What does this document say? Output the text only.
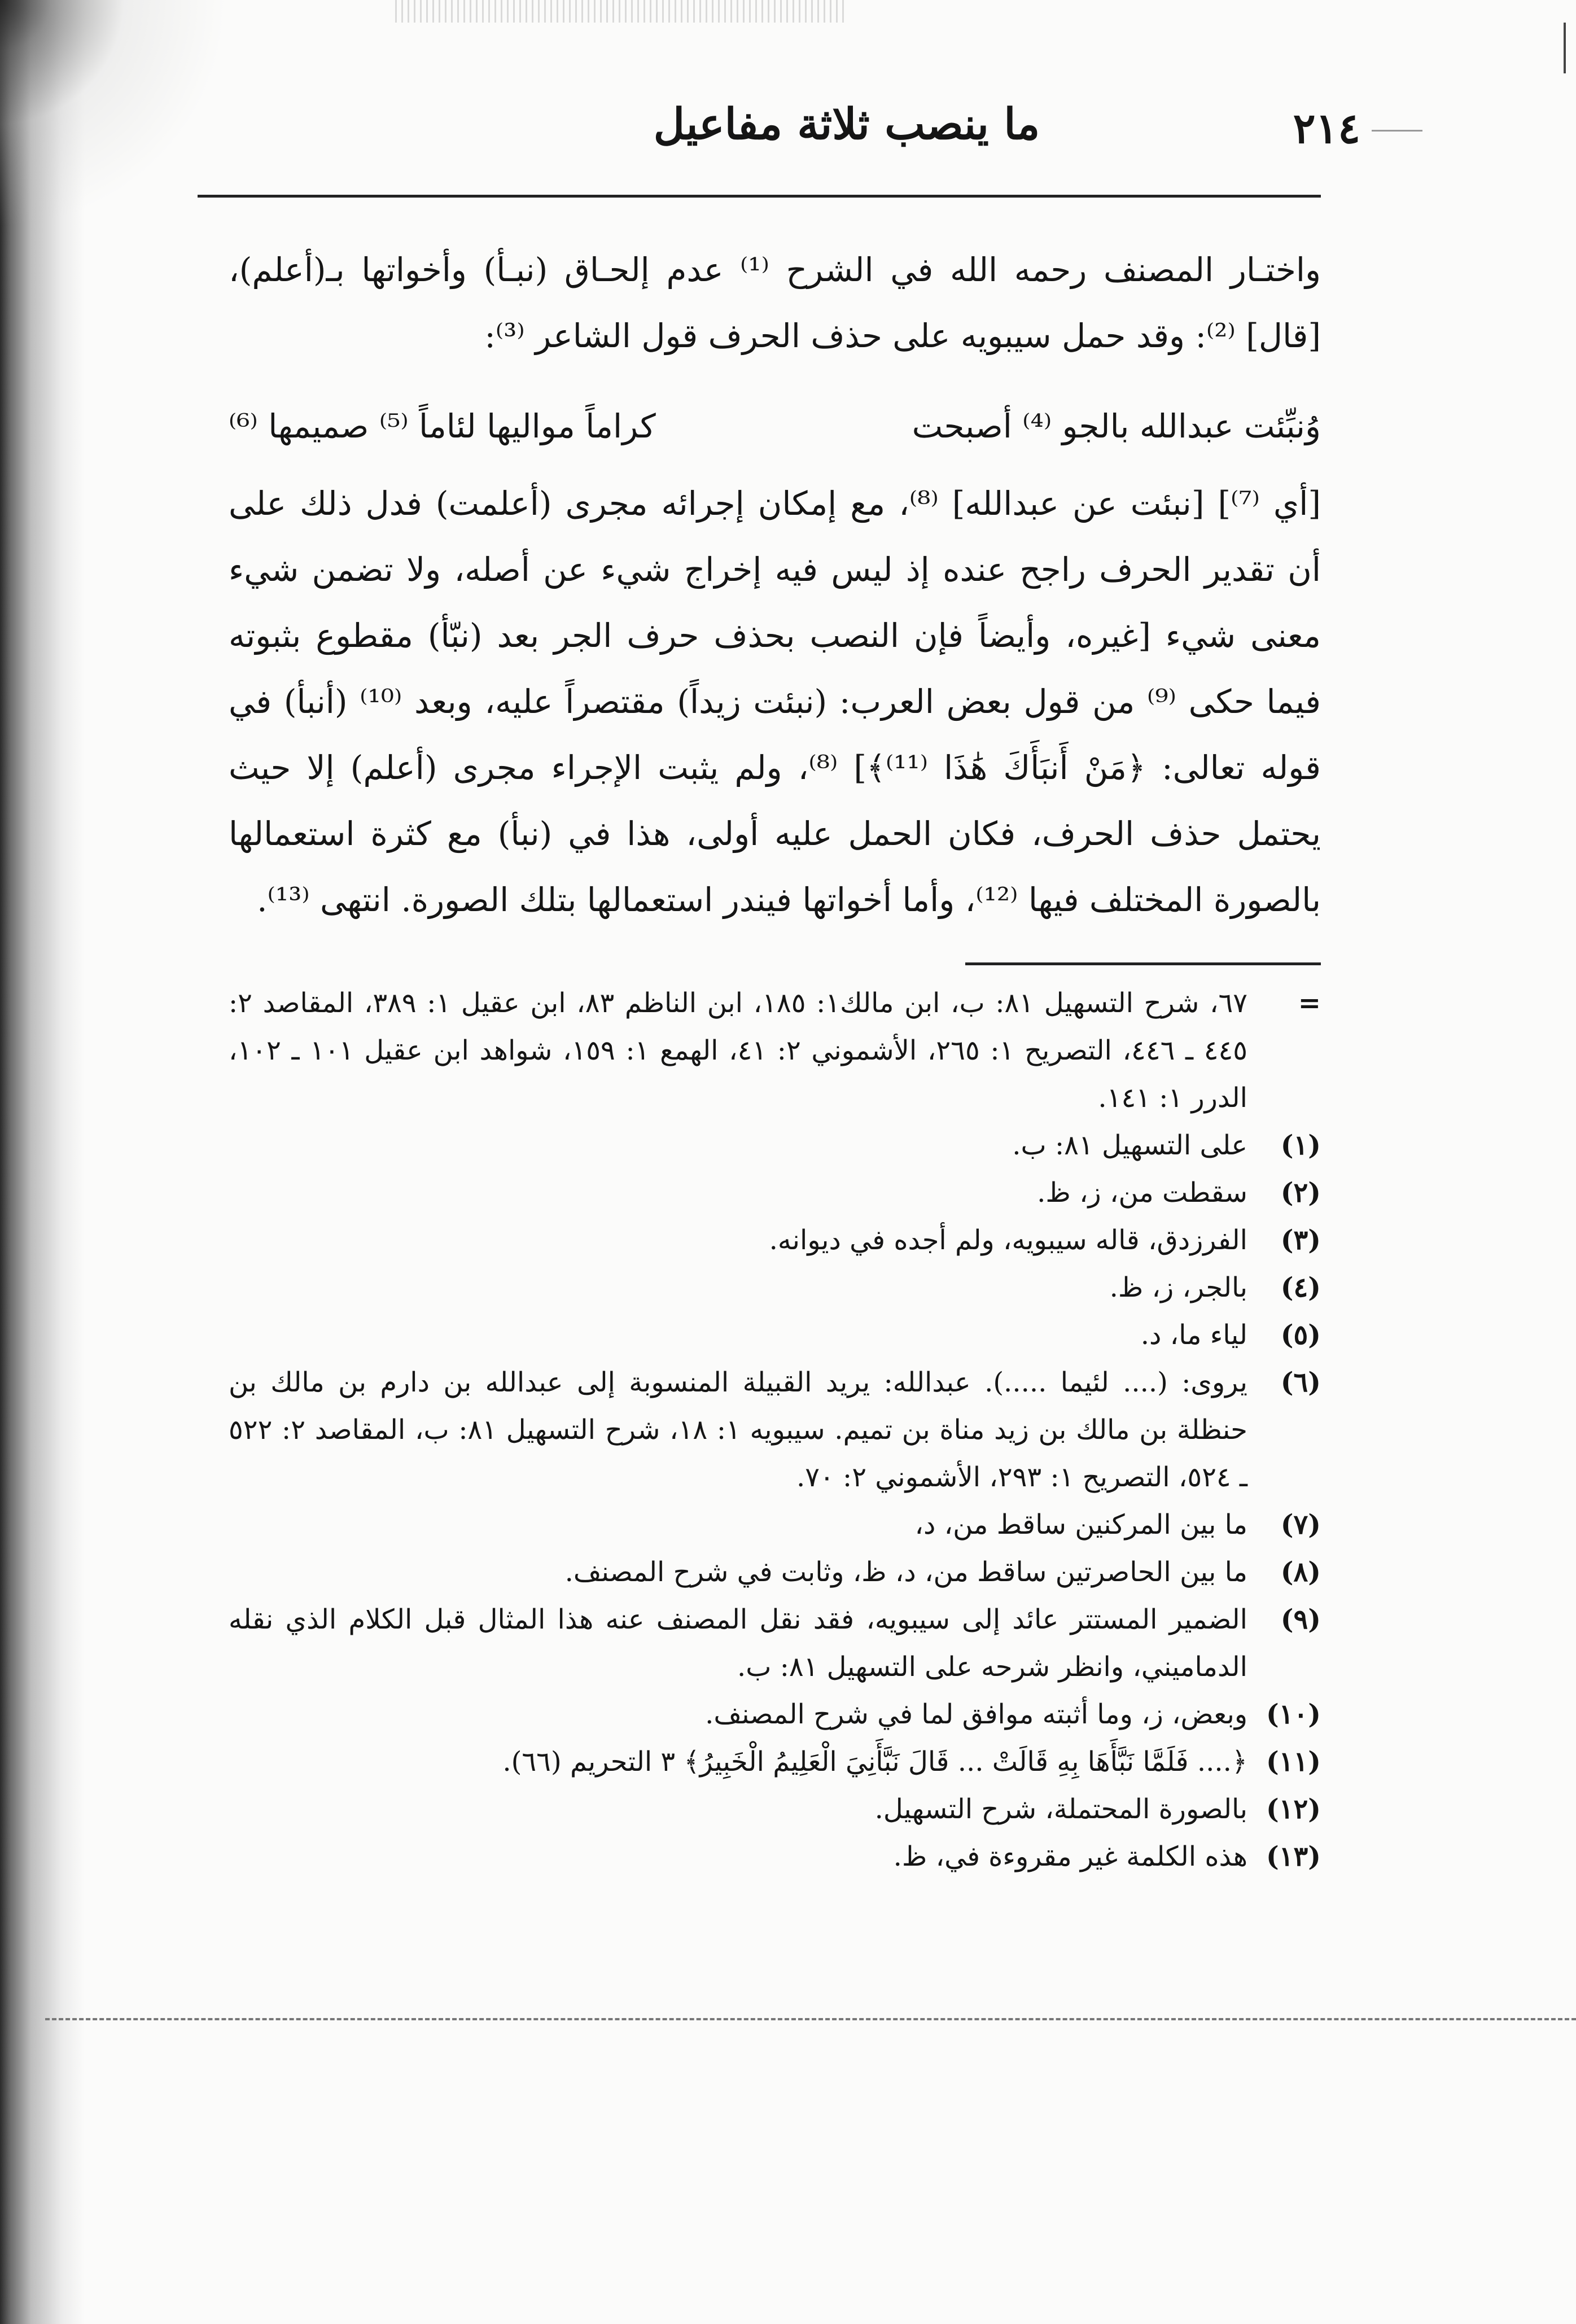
ما ينصب ثلاثة مفاعيل	٢١٤

واختـار المصنف رحمه الله في الشرح ⁽¹⁾ عدم إلحـاق (نبـأ) وأخواتها بـ(أعلم)، [قال] ⁽²⁾: وقد حمل سيبويه على حذف الحرف قول الشاعر ⁽³⁾:

وُنبِّئت عبدالله بالجو ⁽⁴⁾ أصبحت
كراماً مواليها لئاماً ⁽⁵⁾ صميمها ⁽⁶⁾

[أي ⁽⁷⁾] [نبئت عن عبدالله] ⁽⁸⁾، مع إمكان إجرائه مجرى (أعلمت) فدل ذلك على أن تقدير الحرف راجح عنده إذ ليس فيه إخراج شيء عن أصله، ولا تضمن شيء معنى شيء [غيره، وأيضاً فإن النصب بحذف حرف الجر بعد (نبّأ) مقطوع بثبوته فيما حكى ⁽⁹⁾ من قول بعض العرب: (نبئت زيداً) مقتصراً عليه، وبعد ⁽¹⁰⁾ (أنبأ) في قوله تعالى: ﴿مَنْ أَنبَأَكَ هَٰذَا ⁽¹¹⁾﴾] ⁽⁸⁾، ولم يثبت الإجراء مجرى (أعلم) إلا حيث يحتمل حذف الحرف، فكان الحمل عليه أولى، هذا في (نبأ) مع كثرة استعمالها بالصورة المختلف فيها ⁽¹²⁾، وأما أخواتها فيندر استعمالها بتلك الصورة. انتهى ⁽¹³⁾.

=
٦٧، شرح التسهيل ٨١: ب، ابن مالك١: ١٨٥، ابن الناظم ٨٣، ابن عقيل ١: ٣٨٩، المقاصد ٢: ٤٤٥ ـ ٤٤٦، التصريح ١: ٢٦٥، الأشموني ٢: ٤١، الهمع ١: ١٥٩، شواهد ابن عقيل ١٠١ ـ ١٠٢، الدرر ١: ١٤١.
(١)
على التسهيل ٨١: ب.
(٢)
سقطت من، ز، ظ.
(٣)
الفرزدق، قاله سيبويه، ولم أجده في ديوانه.
(٤)
بالجر، ز، ظ.
(٥)
لياء ما، د.
(٦)
يروى: (.... لئيما .....). عبدالله: يريد القبيلة المنسوبة إلى عبدالله بن دارم بن مالك بن حنظلة بن مالك بن زيد مناة بن تميم. سيبويه ١: ١٨، شرح التسهيل ٨١: ب، المقاصد ٢: ٥٢٢ ـ ٥٢٤، التصريح ١: ٢٩٣، الأشموني ٢: ٧٠.
(٧)
ما بين المركنين ساقط من، د،
(٨)
ما بين الحاصرتين ساقط من، د، ظ، وثابت في شرح المصنف.
(٩)
الضمير المستتر عائد إلى سيبويه، فقد نقل المصنف عنه هذا المثال قبل الكلام الذي نقله الدماميني، وانظر شرحه على التسهيل ٨١: ب.
(١٠)
وبعض، ز، وما أثبته موافق لما في شرح المصنف.
(١١)
﴿.... فَلَمَّا نَبَّأَهَا بِهِ قَالَتْ ... قَالَ نَبَّأَنِيَ الْعَلِيمُ الْخَبِيرُ﴾ ٣ التحريم (٦٦).
(١٢)
بالصورة المحتملة، شرح التسهيل.
(١٣)
هذه الكلمة غير مقروءة في، ظ.
